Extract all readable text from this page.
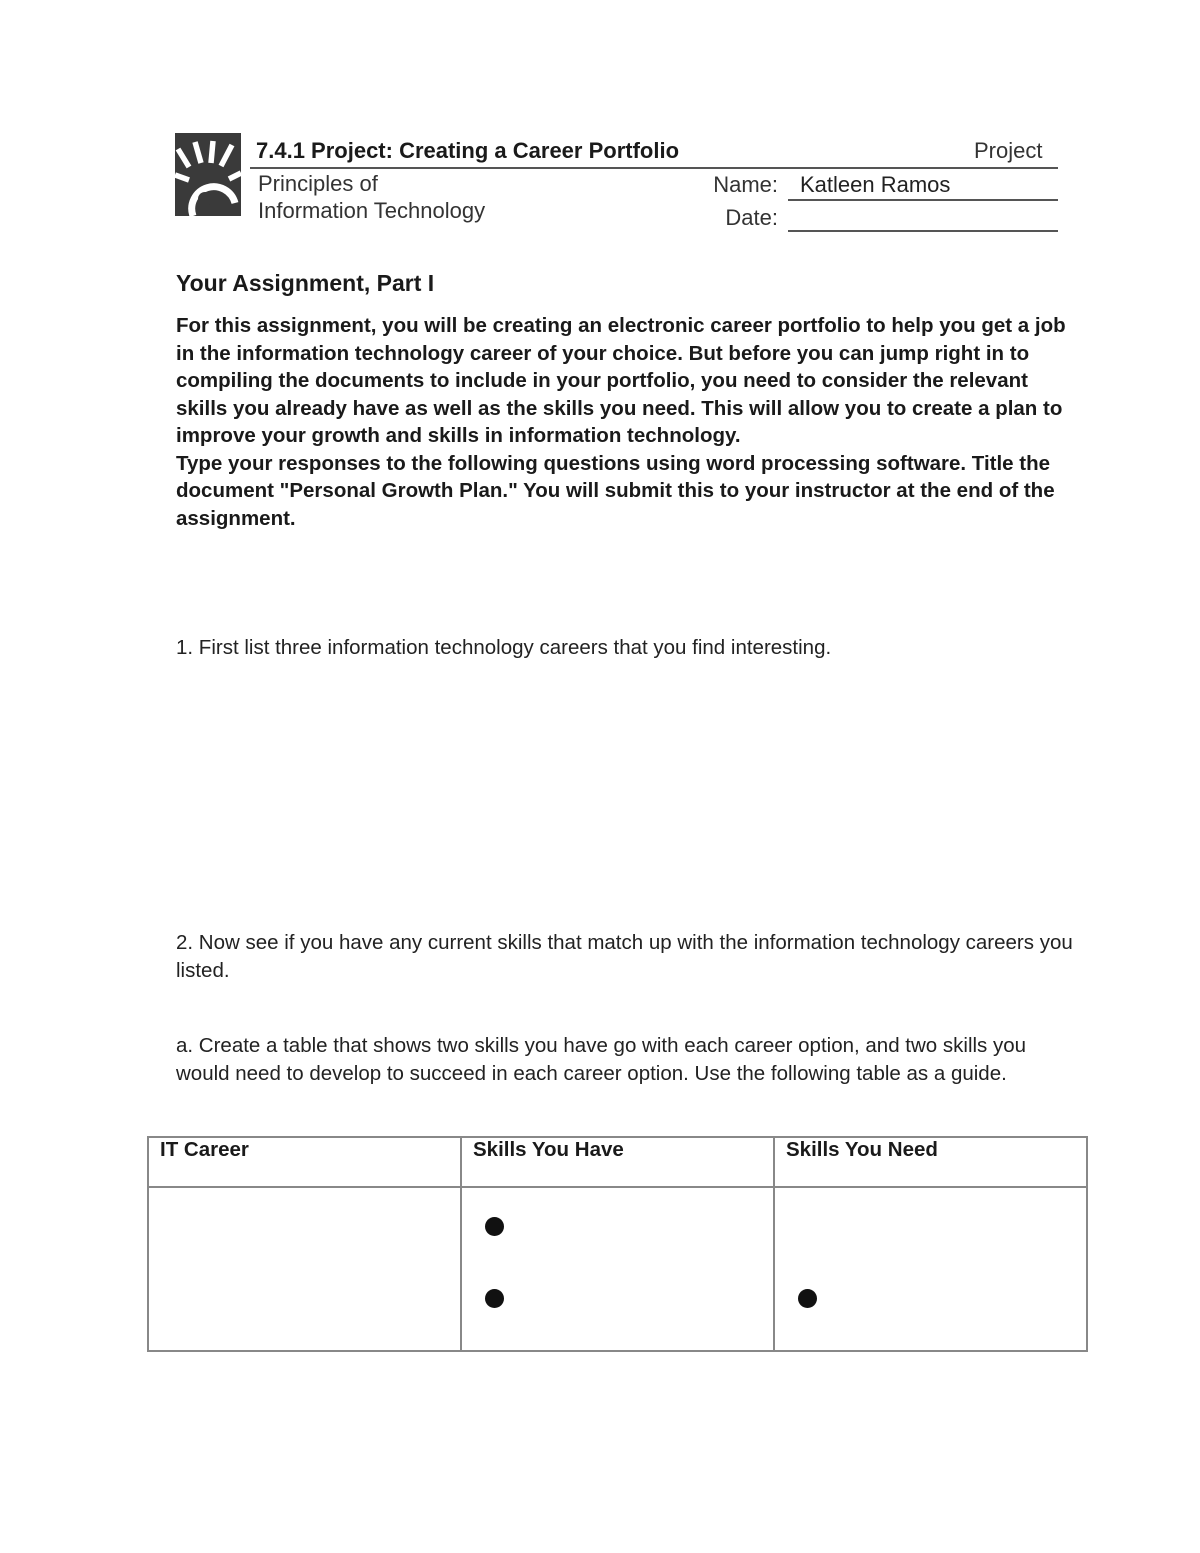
7.4.1 Project: Creating a Career Portfolio	Project
Principles of
Information Technology
Name: Katleen Ramos
Date:
Your Assignment, Part I

For this assignment, you will be creating an electronic career portfolio to help you get a job in the information technology career of your choice. But before you can jump right in to compiling the documents to include in your portfolio, you need to consider the relevant skills you already have as well as the skills you need. This will allow you to create a plan to improve your growth and skills in information technology.

Type your responses to the following questions using word processing software. Title the document "Personal Growth Plan." You will submit this to your instructor at the end of the assignment.

1. First list three information technology careers that you find interesting.
2. Now see if you have any current skills that match up with the information technology careers you listed.
a. Create a table that shows two skills you have go with each career option, and two skills you would need to develop to succeed in each career option. Use the following table as a guide.
IT Career	Skills You Have	Skills You Need
